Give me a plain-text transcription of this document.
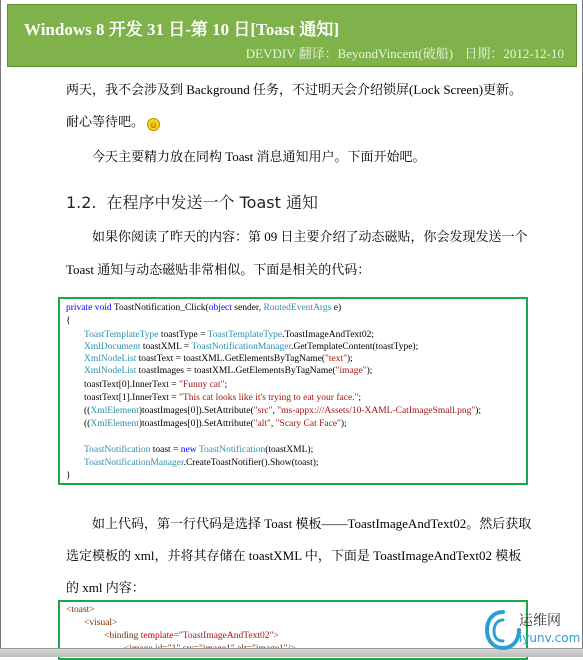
Windows 8 开发 31 日-第 10 日[Toast 通知]
DEVDIV 翻译：BeyondVincent(破船) 日期：2012-12-10
两天，我不会涉及到 Background 任务，不过明天会介绍锁屏(Lock Screen)更新。
耐心等待吧。 ☺
今天主要精力放在同构 Toast 消息通知用户。下面开始吧。
1.2. 在程序中发送一个 Toast 通知
如果你阅读了昨天的内容：第 09 日主要介绍了动态磁贴，你会发现发送一个
Toast 通知与动态磁贴非常相似。下面是相关的代码：
private void ToastNotification_Click(object sender, RoutedEventArgs e)
{
ToastTemplateType toastType = ToastTemplateType.ToastImageAndText02;
XmlDocument toastXML = ToastNotificationManager.GetTemplateContent(toastType);
XmlNodeList toastText = toastXML.GetElementsByTagName("text");
XmlNodeList toastImages = toastXML.GetElementsByTagName("image");
toastText[0].InnerText = "Funny cat";
toastText[1].InnerText = "This cat looks like it's trying to eat your face.";
((XmlElement)toastImages[0]).SetAttribute("src", "ms-appx:///Assets/10-XAML-CatImageSmall.png");
((XmlElement)toastImages[0]).SetAttribute("alt", "Scary Cat Face");
ToastNotification toast = new ToastNotification(toastXML);
ToastNotificationManager.CreateToastNotifier().Show(toast);
}
如上代码，第一行代码是选择 Toast 模板——ToastImageAndText02。然后获取
选定模板的 xml，并将其存储在 toastXML 中，下面是 ToastImageAndText02 模板
的 xml 内容：
<toast>
<visual>
<binding template="ToastImageAndText02">
运维网
iyunv.com
